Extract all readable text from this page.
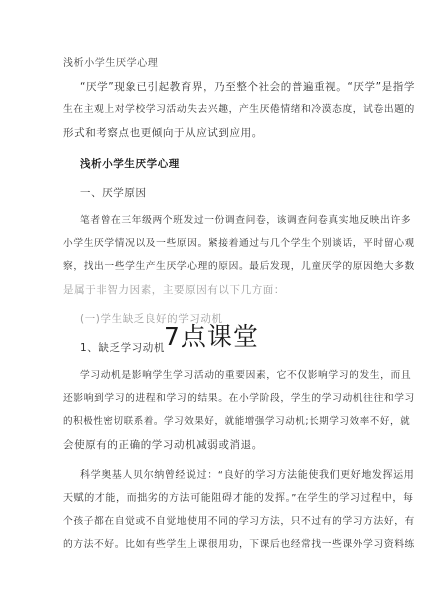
浅析小学生厌学心理
“厌学”现象已引起教育界，乃至整个社会的普遍重视。“厌学”是指学
生在主观上对学校学习活动失去兴趣，产生厌倦情绪和冷漠态度，试卷出题的
形式和考察点也更倾向于从应试到应用。
浅析小学生厌学心理
一、厌学原因
笔者曾在三年级两个班发过一份调查问卷，该调查问卷真实地反映出许多
小学生厌学情况以及一些原因。紧接着通过与几个学生个别谈话，平时留心观
察，找出一些学生产生厌学心理的原因。最后发现，儿童厌学的原因绝大多数
是属于非智力因素，主要原因有以下几方面：
(一)学生缺乏良好的学习动机
1、缺乏学习动机
学习动机是影响学生学习活动的重要因素，它不仅影响学习的发生，而且
还影响到学习的进程和学习的结果。在小学阶段，学生的学习动机往往和学习
的积极性密切联系着。学习效果好，就能增强学习动机;长期学习效率不好，就
会使原有的正确的学习动机减弱或消退。
科学奥基人贝尔纳曾经说过：“良好的学习方法能使我们更好地发挥运用
天赋的才能，而拙劣的方法可能阻碍才能的发挥。”在学生的学习过程中，每
个孩子都在自觉或不自觉地使用不同的学习方法，只不过有的学习方法好，有
的方法不好。比如有些学生上课很用功，下课后也经常找一些课外学习资料练
7点课堂
